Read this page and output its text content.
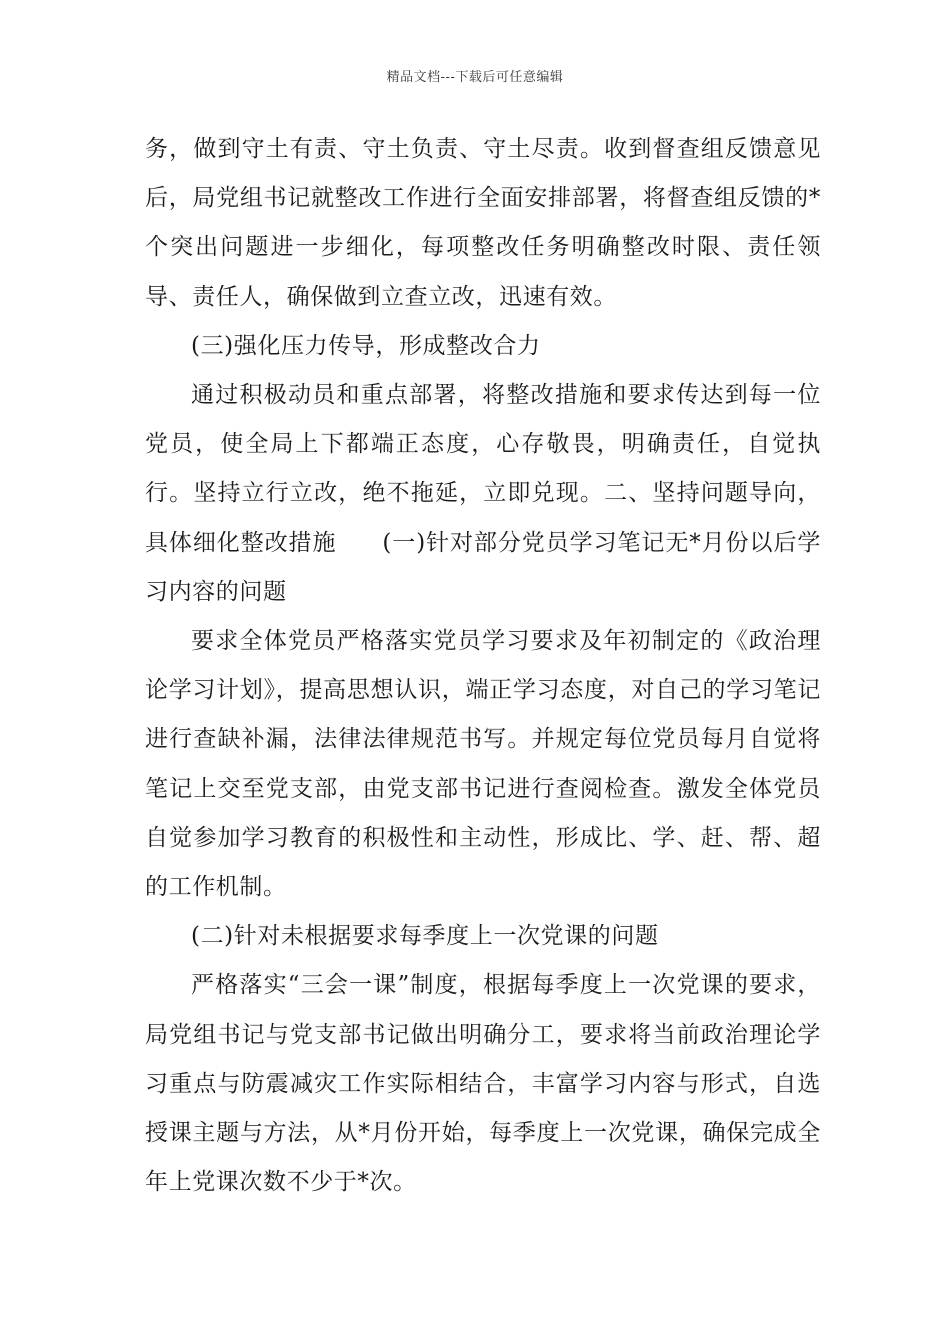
精品文档---下载后可任意编辑

务，做到守土有责、守土负责、守土尽责。收到督查组反馈意见后，局党组书记就整改工作进行全面安排部署，将督查组反馈的*个突出问题进一步细化，每项整改任务明确整改时限、责任领导、责任人，确保做到立查立改，迅速有效。

(三)强化压力传导，形成整改合力

通过积极动员和重点部署，将整改措施和要求传达到每一位党员，使全局上下都端正态度，心存敬畏，明确责任，自觉执行。坚持立行立改，绝不拖延，立即兑现。二、坚持问题导向，具体细化整改措施 (一)针对部分党员学习笔记无*月份以后学习内容的问题

要求全体党员严格落实党员学习要求及年初制定的《政治理论学习计划》，提高思想认识，端正学习态度，对自己的学习笔记进行查缺补漏，法律法律规范书写。并规定每位党员每月自觉将笔记上交至党支部，由党支部书记进行查阅检查。激发全体党员自觉参加学习教育的积极性和主动性，形成比、学、赶、帮、超的工作机制。

(二)针对未根据要求每季度上一次党课的问题

严格落实“三会一课”制度，根据每季度上一次党课的要求，局党组书记与党支部书记做出明确分工，要求将当前政治理论学习重点与防震减灾工作实际相结合，丰富学习内容与形式，自选授课主题与方法，从*月份开始，每季度上一次党课，确保完成全年上党课次数不少于*次。
